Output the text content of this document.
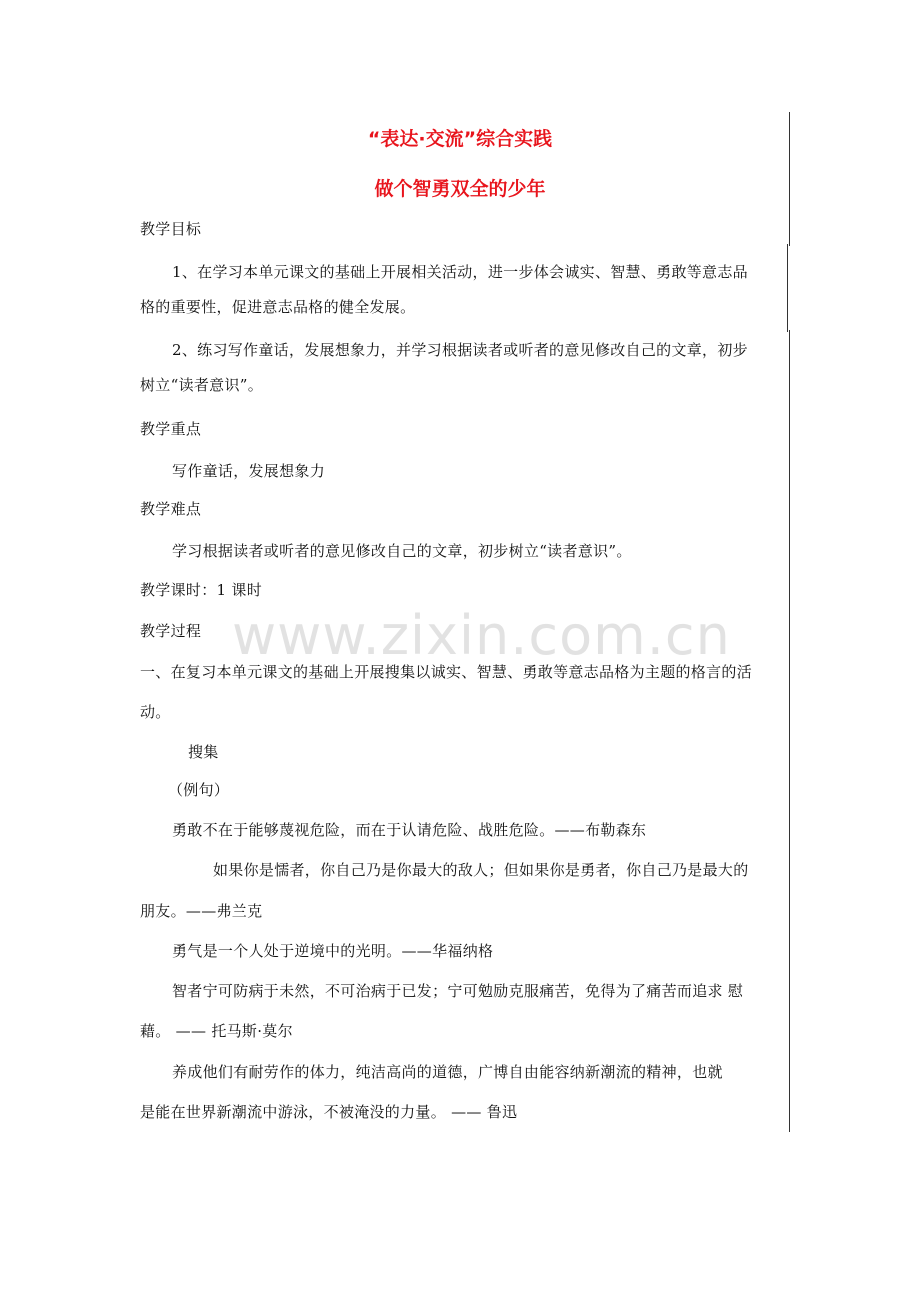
“表达·交流”综合实践
做个智勇双全的少年
教学目标
1、在学习本单元课文的基础上开展相关活动，进一步体会诚实、智慧、勇敢等意志品
格的重要性，促进意志品格的健全发展。
2、练习写作童话，发展想象力，并学习根据读者或听者的意见修改自己的文章，初步
树立“读者意识”。
教学重点
写作童话，发展想象力
教学难点
学习根据读者或听者的意见修改自己的文章，初步树立“读者意识”。
教学课时：1 课时
教学过程
一、在复习本单元课文的基础上开展搜集以诚实、智慧、勇敢等意志品格为主题的格言的活
动。
搜集
（例句）
勇敢不在于能够蔑视危险，而在于认请危险、战胜危险。——布勒森东
如果你是懦者，你自己乃是你最大的敌人；但如果你是勇者，你自己乃是最大的
朋友。——弗兰克
勇气是一个人处于逆境中的光明。——华福纳格
智者宁可防病于未然，不可治病于已发；宁可勉励克服痛苦，免得为了痛苦而追求 慰
藉。 —— 托马斯·莫尔
养成他们有耐劳作的体力，纯洁高尚的道德，广博自由能容纳新潮流的精神，也就
是能在世界新潮流中游泳，不被淹没的力量。 —— 鲁迅
www.zixin.com.cn
